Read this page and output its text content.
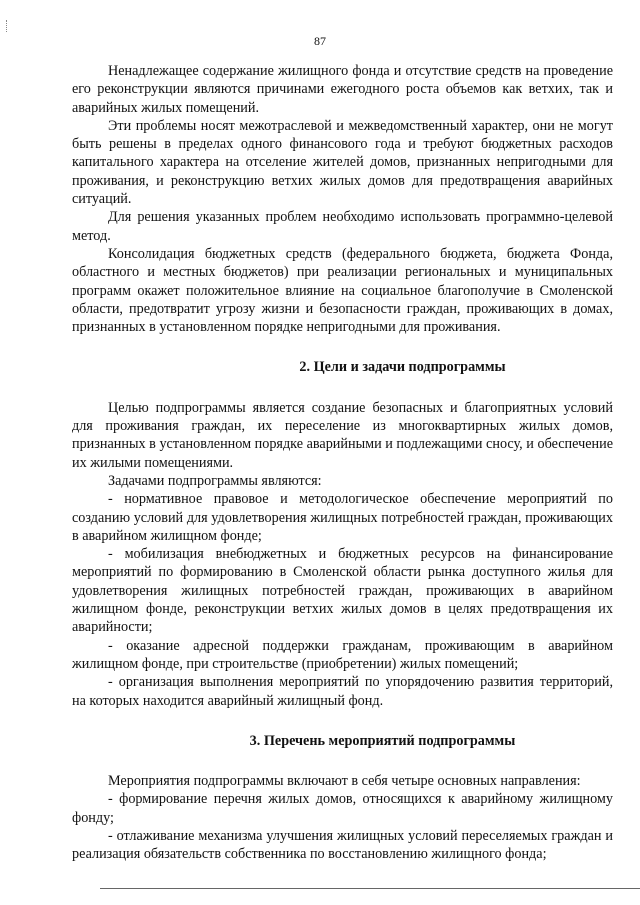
87

Ненадлежащее содержание жилищного фонда и отсутствие средств на проведение его реконструкции являются причинами ежегодного роста объемов как ветхих, так и аварийных жилых помещений.

Эти проблемы носят межотраслевой и межведомственный характер, они не могут быть решены в пределах одного финансового года и требуют бюджетных расходов капитального характера на отселение жителей домов, признанных непригодными для проживания, и реконструкцию ветхих жилых домов для предотвращения аварийных ситуаций.

Для решения указанных проблем необходимо использовать программно-целевой метод.

Консолидация бюджетных средств (федерального бюджета, бюджета Фонда, областного и местных бюджетов) при реализации региональных и муниципальных программ окажет положительное влияние на социальное благополучие в Смоленской области, предотвратит угрозу жизни и безопасности граждан, проживающих в домах, признанных в установленном порядке непригодными для проживания.

2. Цели и задачи подпрограммы

Целью подпрограммы является создание безопасных и благоприятных условий для проживания граждан, их переселение из многоквартирных жилых домов, признанных в установленном порядке аварийными и подлежащими сносу, и обеспечение их жилыми помещениями.

Задачами подпрограммы являются:

- нормативное правовое и методологическое обеспечение мероприятий по созданию условий для удовлетворения жилищных потребностей граждан, проживающих в аварийном жилищном фонде;

- мобилизация внебюджетных и бюджетных ресурсов на финансирование мероприятий по формированию в Смоленской области рынка доступного жилья для удовлетворения жилищных потребностей граждан, проживающих в аварийном жилищном фонде, реконструкции ветхих жилых домов в целях предотвращения их аварийности;

- оказание адресной поддержки гражданам, проживающим в аварийном жилищном фонде, при строительстве (приобретении) жилых помещений;

- организация выполнения мероприятий по упорядочению развития территорий, на которых находится аварийный жилищный фонд.

3. Перечень мероприятий подпрограммы

Мероприятия подпрограммы включают в себя четыре основных направления:

- формирование перечня жилых домов, относящихся к аварийному жилищному фонду;

- отлаживание механизма улучшения жилищных условий переселяемых граждан и реализация обязательств собственника по восстановлению жилищного фонда;
